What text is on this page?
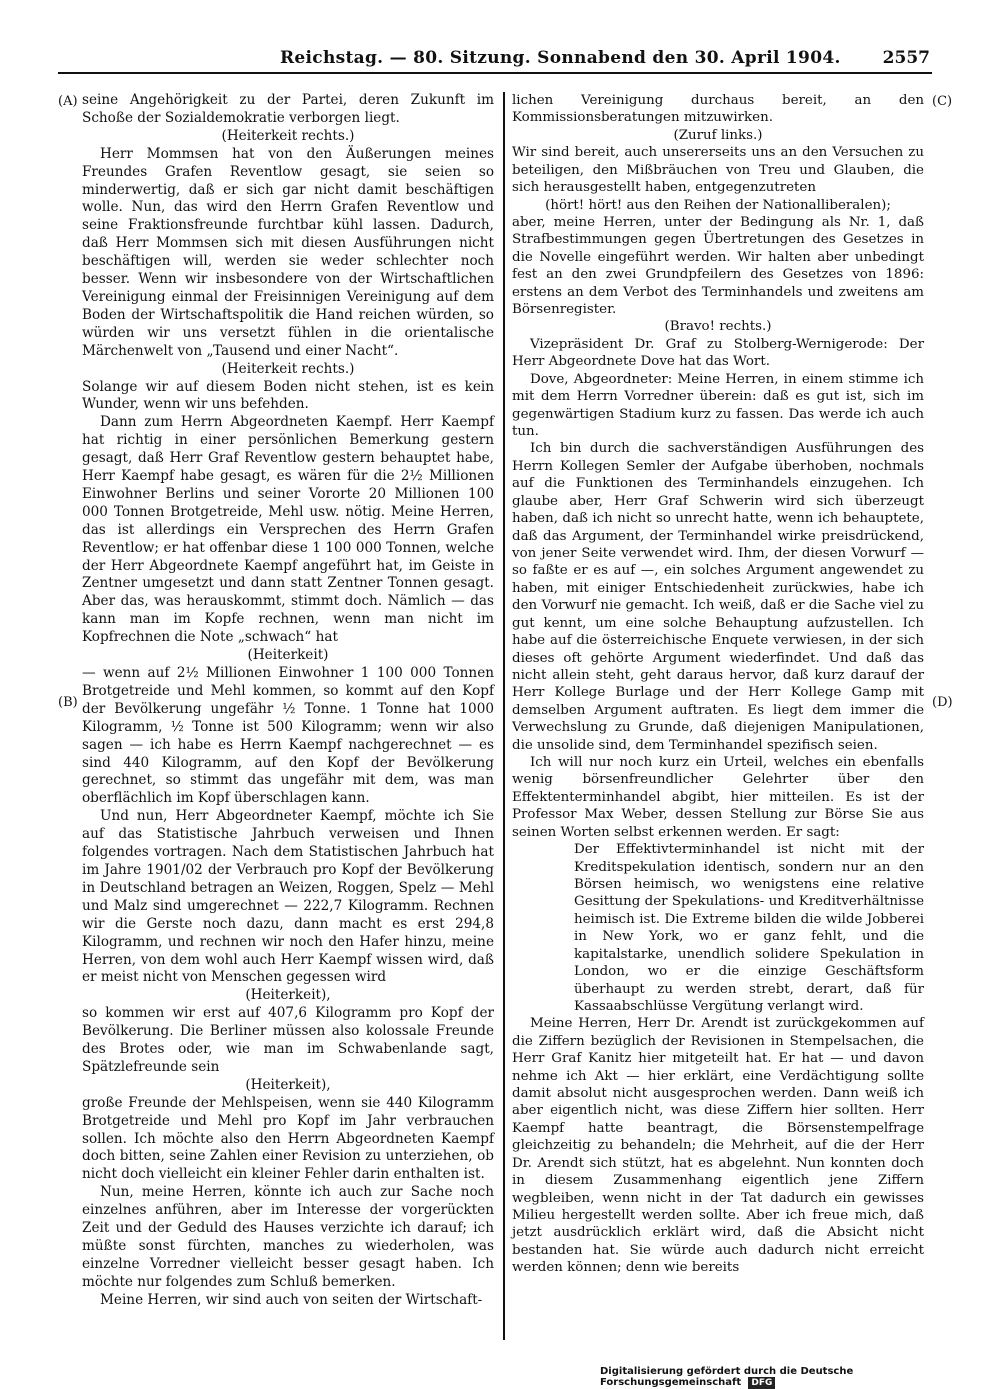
Reichstag. — 80. Sitzung. Sonnabend den 30. April 1904. 2557
(A)
(B)
(C)
(D)

seine Angehörigkeit zu der Partei, deren Zukunft im Schoße der Sozialdemokratie verborgen liegt.

(Heiterkeit rechts.)

Herr Mommsen hat von den Äußerungen meines Freundes Grafen Reventlow gesagt, sie seien so minderwertig, daß er sich gar nicht damit beschäftigen wolle. Nun, das wird den Herrn Grafen Reventlow und seine Fraktionsfreunde furchtbar kühl lassen. Dadurch, daß Herr Mommsen sich mit diesen Ausführungen nicht beschäftigen will, werden sie weder schlechter noch besser. Wenn wir insbesondere von der Wirtschaftlichen Vereinigung einmal der Freisinnigen Vereinigung auf dem Boden der Wirtschaftspolitik die Hand reichen würden, so würden wir uns versetzt fühlen in die orientalische Märchenwelt von „Tausend und einer Nacht“.

(Heiterkeit rechts.)

Solange wir auf diesem Boden nicht stehen, ist es kein Wunder, wenn wir uns befehden.

Dann zum Herrn Abgeordneten Kaempf. Herr Kaempf hat richtig in einer persönlichen Bemerkung gestern gesagt, daß Herr Graf Reventlow gestern behauptet habe, Herr Kaempf habe gesagt, es wären für die 2½ Millionen Einwohner Berlins und seiner Vororte 20 Millionen 100 000 Tonnen Brotgetreide, Mehl usw. nötig. Meine Herren, das ist allerdings ein Versprechen des Herrn Grafen Reventlow; er hat offenbar diese 1 100 000 Tonnen, welche der Herr Abgeordnete Kaempf angeführt hat, im Geiste in Zentner umgesetzt und dann statt Zentner Tonnen gesagt. Aber das, was herauskommt, stimmt doch. Nämlich — das kann man im Kopfe rechnen, wenn man nicht im Kopfrechnen die Note „schwach“ hat

(Heiterkeit)

— wenn auf 2½ Millionen Einwohner 1 100 000 Tonnen Brotgetreide und Mehl kommen, so kommt auf den Kopf der Bevölkerung ungefähr ½ Tonne. 1 Tonne hat 1000 Kilogramm, ½ Tonne ist 500 Kilogramm; wenn wir also sagen — ich habe es Herrn Kaempf nachgerechnet — es sind 440 Kilogramm, auf den Kopf der Bevölkerung gerechnet, so stimmt das ungefähr mit dem, was man oberflächlich im Kopf überschlagen kann.

Und nun, Herr Abgeordneter Kaempf, möchte ich Sie auf das Statistische Jahrbuch verweisen und Ihnen folgendes vortragen. Nach dem Statistischen Jahrbuch hat im Jahre 1901/02 der Verbrauch pro Kopf der Bevölkerung in Deutschland betragen an Weizen, Roggen, Spelz — Mehl und Malz sind umgerechnet — 222,7 Kilogramm. Rechnen wir die Gerste noch dazu, dann macht es erst 294,8 Kilogramm, und rechnen wir noch den Hafer hinzu, meine Herren, von dem wohl auch Herr Kaempf wissen wird, daß er meist nicht von Menschen gegessen wird

(Heiterkeit),

so kommen wir erst auf 407,6 Kilogramm pro Kopf der Bevölkerung. Die Berliner müssen also kolossale Freunde des Brotes oder, wie man im Schwabenlande sagt, Spätzlefreunde sein

(Heiterkeit),

große Freunde der Mehlspeisen, wenn sie 440 Kilogramm Brotgetreide und Mehl pro Kopf im Jahr verbrauchen sollen. Ich möchte also den Herrn Abgeordneten Kaempf doch bitten, seine Zahlen einer Revision zu unterziehen, ob nicht doch vielleicht ein kleiner Fehler darin enthalten ist.

Nun, meine Herren, könnte ich auch zur Sache noch einzelnes anführen, aber im Interesse der vorgerückten Zeit und der Geduld des Hauses verzichte ich darauf; ich müßte sonst fürchten, manches zu wiederholen, was einzelne Vorredner vielleicht besser gesagt haben. Ich möchte nur folgendes zum Schluß bemerken.

Meine Herren, wir sind auch von seiten der Wirtschaft-

lichen Vereinigung durchaus bereit, an den Kommissionsberatungen mitzuwirken.

(Zuruf links.)

Wir sind bereit, auch unsererseits uns an den Versuchen zu beteiligen, den Mißbräuchen von Treu und Glauben, die sich herausgestellt haben, entgegenzutreten

(hört! hört! aus den Reihen der Nationalliberalen);

aber, meine Herren, unter der Bedingung als Nr. 1, daß Strafbestimmungen gegen Übertretungen des Gesetzes in die Novelle eingeführt werden. Wir halten aber unbedingt fest an den zwei Grundpfeilern des Gesetzes von 1896: erstens an dem Verbot des Terminhandels und zweitens am Börsenregister.

(Bravo! rechts.)

Vizepräsident Dr. Graf zu Stolberg-Wernigerode: Der Herr Abgeordnete Dove hat das Wort.

Dove, Abgeordneter: Meine Herren, in einem stimme ich mit dem Herrn Vorredner überein: daß es gut ist, sich im gegenwärtigen Stadium kurz zu fassen. Das werde ich auch tun.

Ich bin durch die sachverständigen Ausführungen des Herrn Kollegen Semler der Aufgabe überhoben, nochmals auf die Funktionen des Terminhandels einzugehen. Ich glaube aber, Herr Graf Schwerin wird sich überzeugt haben, daß ich nicht so unrecht hatte, wenn ich behauptete, daß das Argument, der Terminhandel wirke preisdrückend, von jener Seite verwendet wird. Ihm, der diesen Vorwurf — so faßte er es auf —, ein solches Argument angewendet zu haben, mit einiger Entschiedenheit zurückwies, habe ich den Vorwurf nie gemacht. Ich weiß, daß er die Sache viel zu gut kennt, um eine solche Behauptung aufzustellen. Ich habe auf die österreichische Enquete verwiesen, in der sich dieses oft gehörte Argument wiederfindet. Und daß das nicht allein steht, geht daraus hervor, daß kurz darauf der Herr Kollege Burlage und der Herr Kollege Gamp mit demselben Argument auftraten. Es liegt dem immer die Verwechslung zu Grunde, daß diejenigen Manipulationen, die unsolide sind, dem Terminhandel spezifisch seien.

Ich will nur noch kurz ein Urteil, welches ein ebenfalls wenig börsenfreundlicher Gelehrter über den Effektenterminhandel abgibt, hier mitteilen. Es ist der Professor Max Weber, dessen Stellung zur Börse Sie aus seinen Worten selbst erkennen werden. Er sagt:

Der Effektivterminhandel ist nicht mit der Kreditspekulation identisch, sondern nur an den Börsen heimisch, wo wenigstens eine relative Gesittung der Spekulations- und Kreditverhältnisse heimisch ist. Die Extreme bilden die wilde Jobberei in New York, wo er ganz fehlt, und die kapitalstarke, unendlich solidere Spekulation in London, wo er die einzige Geschäftsform überhaupt zu werden strebt, derart, daß für Kassaabschlüsse Vergütung verlangt wird.

Meine Herren, Herr Dr. Arendt ist zurückgekommen auf die Ziffern bezüglich der Revisionen in Stempelsachen, die Herr Graf Kanitz hier mitgeteilt hat. Er hat — und davon nehme ich Akt — hier erklärt, eine Verdächtigung sollte damit absolut nicht ausgesprochen werden. Dann weiß ich aber eigentlich nicht, was diese Ziffern hier sollten. Herr Kaempf hatte beantragt, die Börsenstempelfrage gleichzeitig zu behandeln; die Mehrheit, auf die der Herr Dr. Arendt sich stützt, hat es abgelehnt. Nun konnten doch in diesem Zusammenhang eigentlich jene Ziffern wegbleiben, wenn nicht in der Tat dadurch ein gewisses Milieu hergestellt werden sollte. Aber ich freue mich, daß jetzt ausdrücklich erklärt wird, daß die Absicht nicht bestanden hat. Sie würde auch dadurch nicht erreicht werden können; denn wie bereits

Digitalisierung gefördert durch die Deutsche Forschungsgemeinschaft DFG
